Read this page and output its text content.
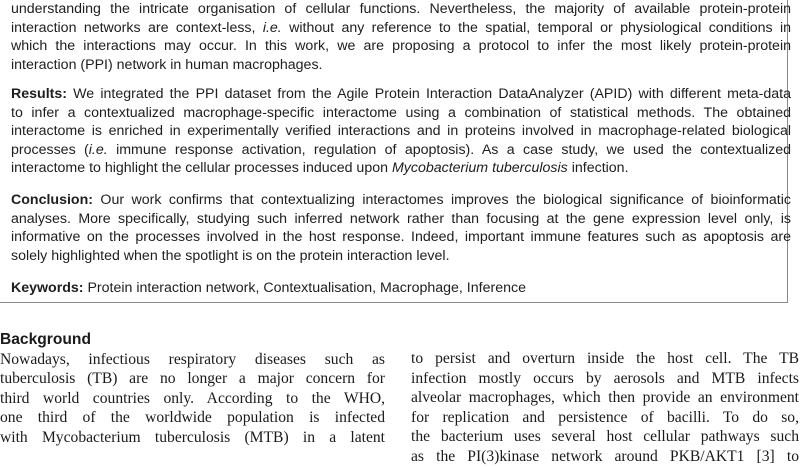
understanding the intricate organisation of cellular functions. Nevertheless, the majority of available protein-protein
interaction networks are context-less, i.e. without any reference to the spatial, temporal or physiological conditions in
which the interactions may occur. In this work, we are proposing a protocol to infer the most likely protein-protein
interaction (PPI) network in human macrophages.
Results: We integrated the PPI dataset from the Agile Protein Interaction DataAnalyzer (APID) with different meta-data
to infer a contextualized macrophage-specific interactome using a combination of statistical methods. The obtained
interactome is enriched in experimentally verified interactions and in proteins involved in macrophage-related biological
processes (i.e. immune response activation, regulation of apoptosis). As a case study, we used the contextualized
interactome to highlight the cellular processes induced upon Mycobacterium tuberculosis infection.
Conclusion: Our work confirms that contextualizing interactomes improves the biological significance of bioinformatic
analyses. More specifically, studying such inferred network rather than focusing at the gene expression level only, is
informative on the processes involved in the host response. Indeed, important immune features such as apoptosis are
solely highlighted when the spotlight is on the protein interaction level.
Keywords: Protein interaction network, Contextualisation, Macrophage, Inference
Background
Nowadays, infectious respiratory diseases such as
tuberculosis (TB) are no longer a major concern for
third world countries only. According to the WHO,
one third of the worldwide population is infected
with Mycobacterium tuberculosis (MTB) in a latent
to persist and overturn inside the host cell. The TB
infection mostly occurs by aerosols and MTB infects
alveolar macrophages, which then provide an environment
for replication and persistence of bacilli. To do so,
the bacterium uses several host cellular pathways such
as the PI(3)kinase network around PKB/AKT1 [3] to
